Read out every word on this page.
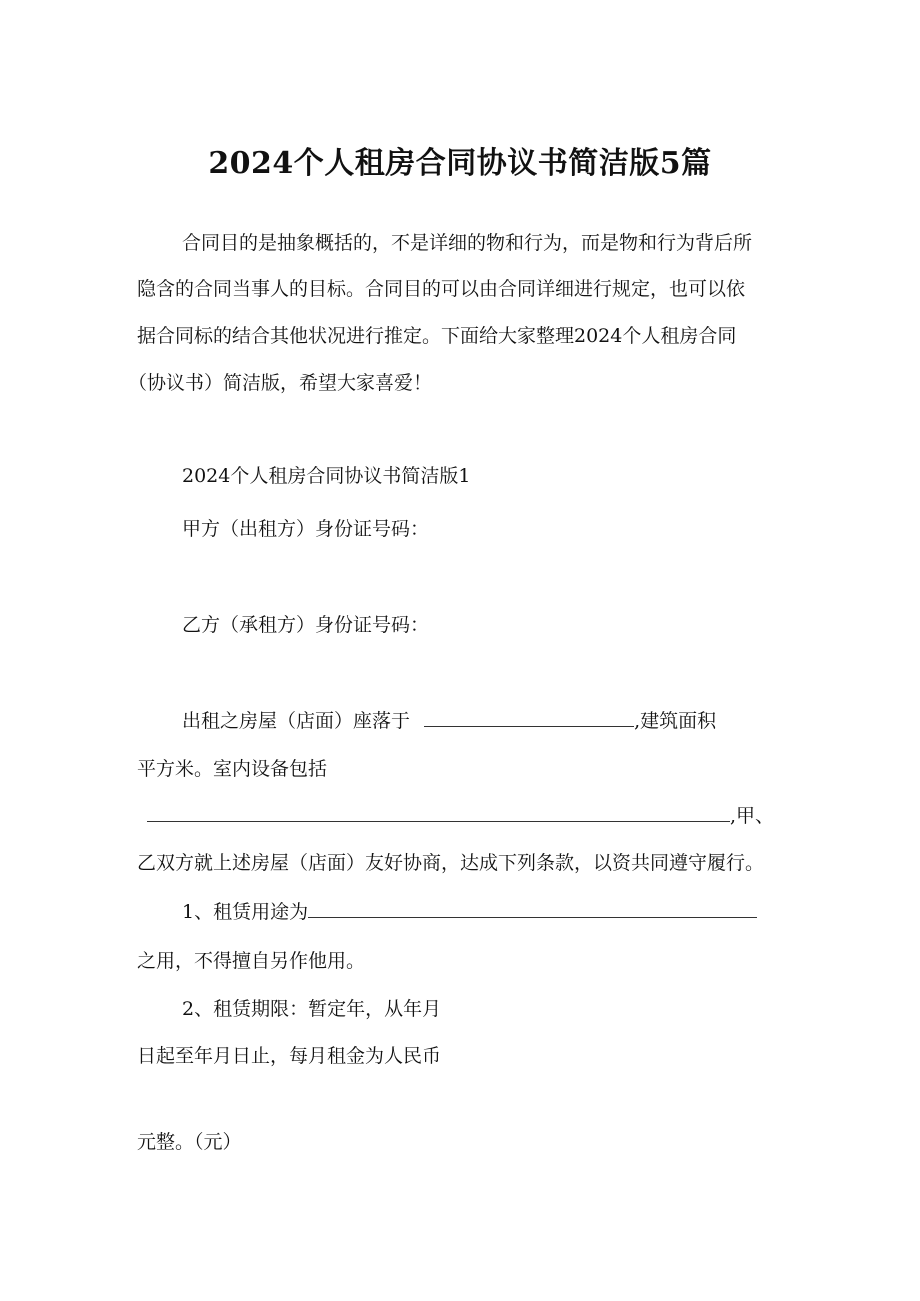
2024个人租房合同协议书简洁版5篇
合同目的是抽象概括的，不是详细的物和行为，而是物和行为背后所
隐含的合同当事人的目标。合同目的可以由合同详细进行规定，也可以依
据合同标的结合其他状况进行推定。下面给大家整理2024个人租房合同
（协议书）简洁版，希望大家喜爱！
2024个人租房合同协议书简洁版1
甲方（出租方）身份证号码：
乙方（承租方）身份证号码：
出租之房屋（店面）座落于	,建筑面积
平方米。室内设备包括
,甲、
乙双方就上述房屋（店面）友好协商，达成下列条款，以资共同遵守履行。
1、租赁用途为
之用，不得擅自另作他用。
2、租赁期限：暂定年，从年月
日起至年月日止，每月租金为人民币
元整。（元）
